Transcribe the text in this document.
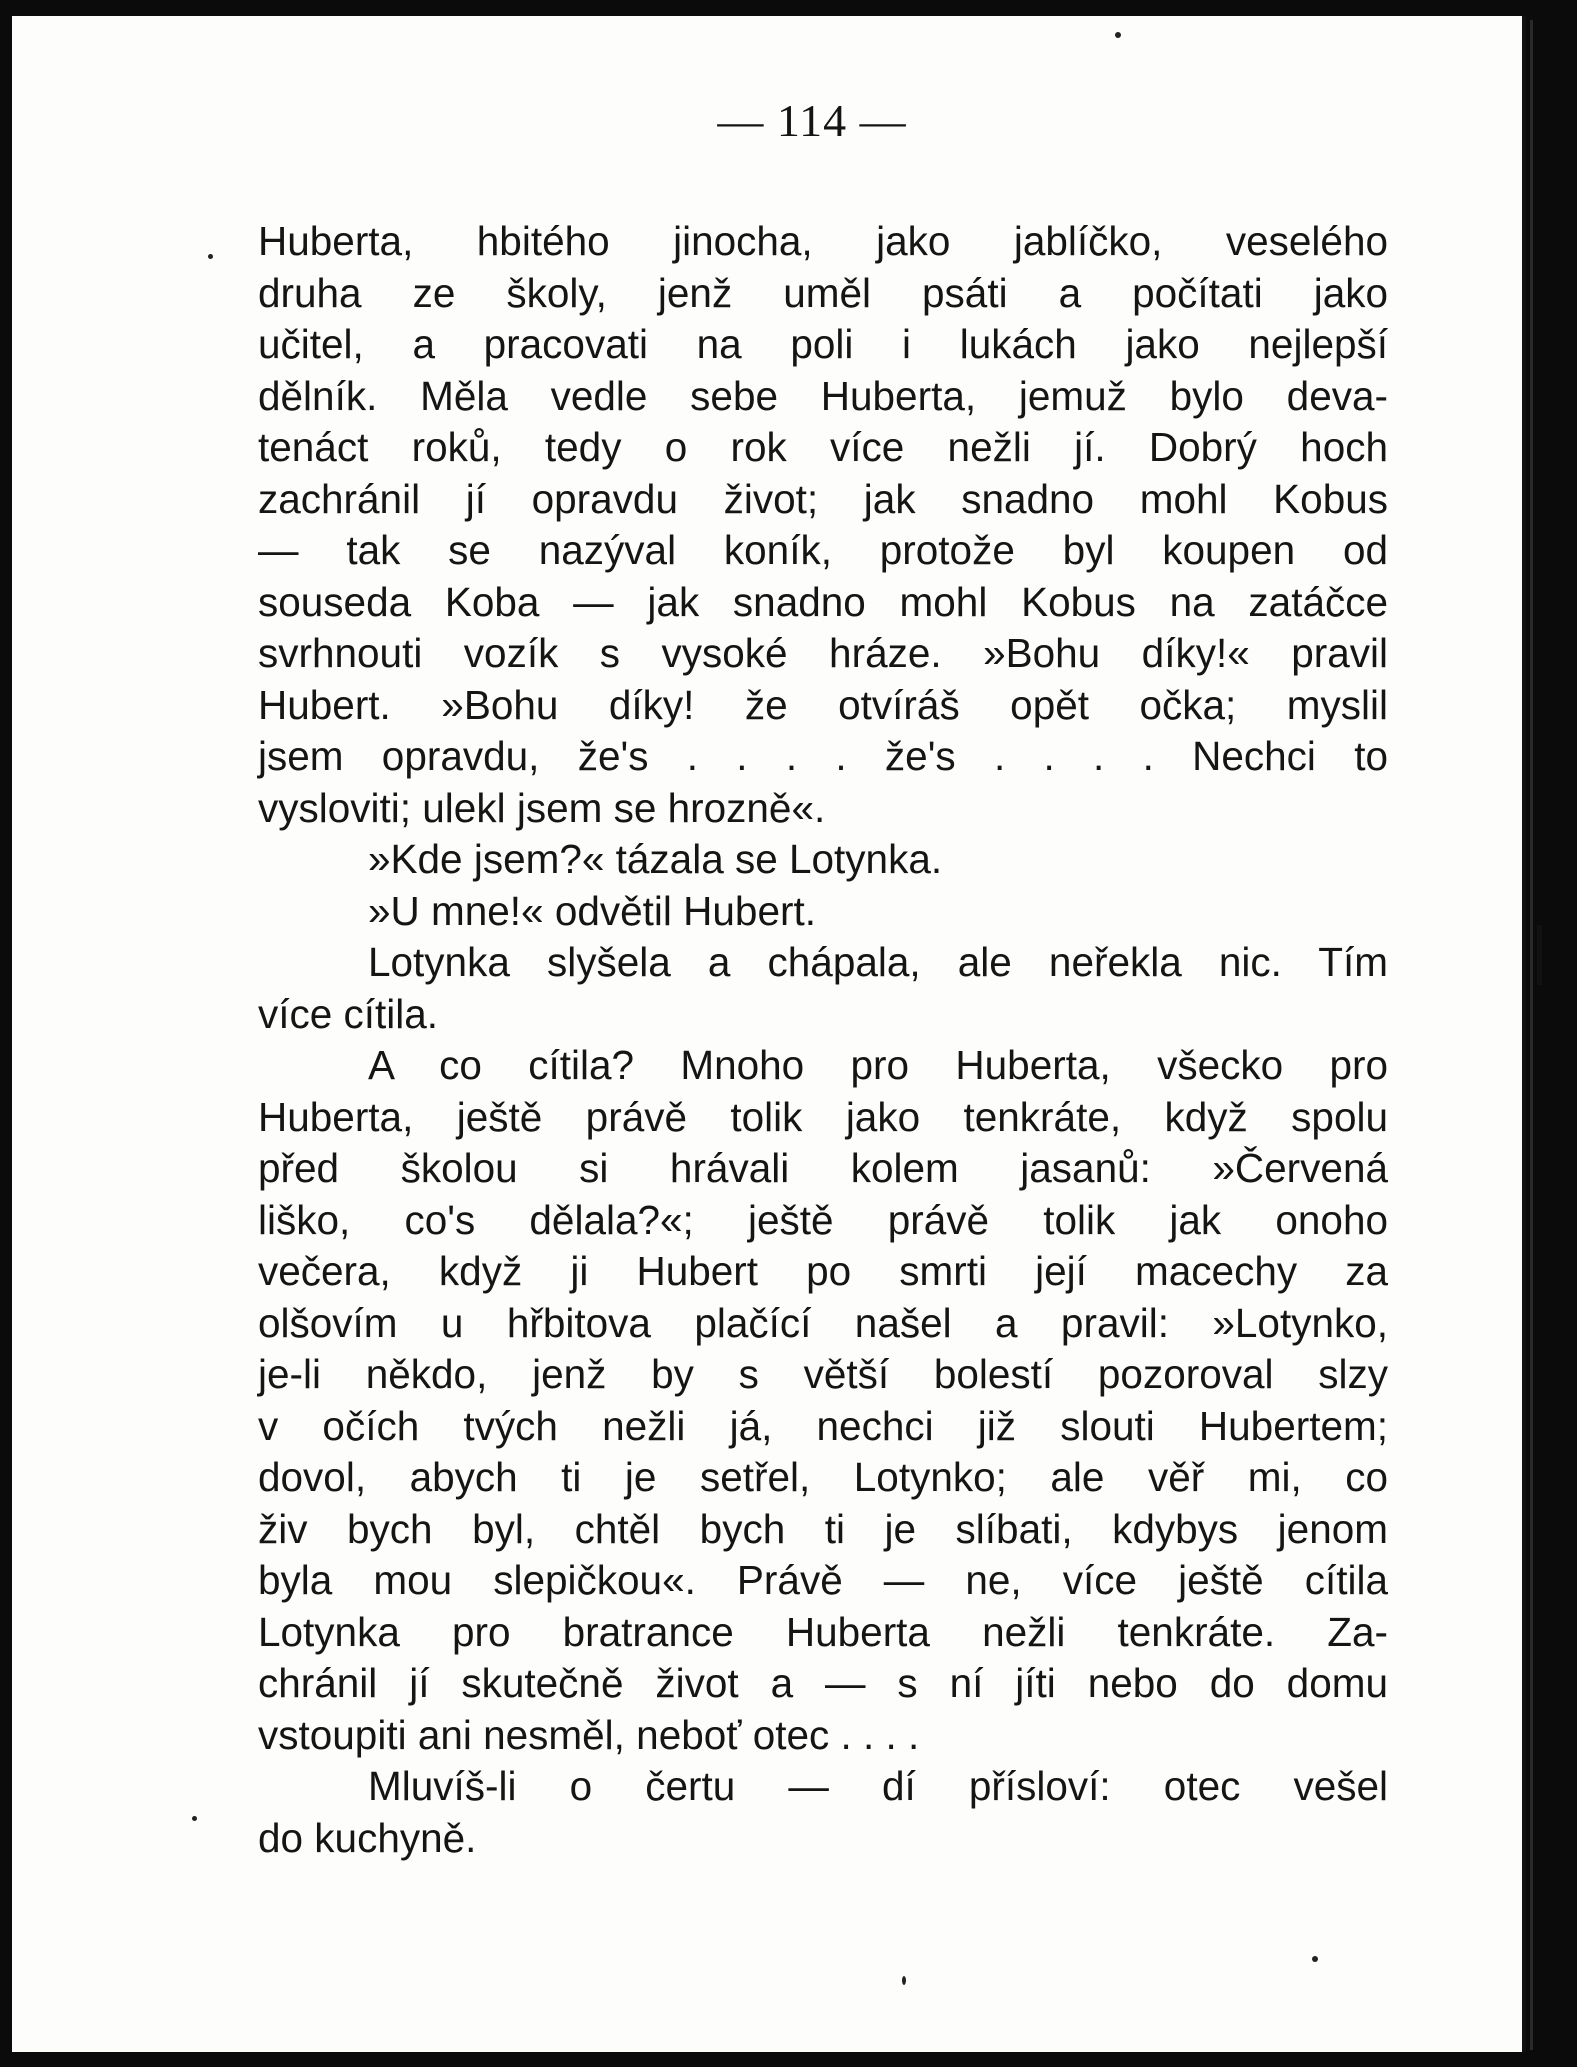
— 114 —
Huberta, hbitého jinocha, jako jablíčko, veselého
druha ze školy, jenž uměl psáti a počítati jako
učitel, a pracovati na poli i lukách jako nejlepší
dělník. Měla vedle sebe Huberta, jemuž bylo deva-
tenáct roků, tedy o rok více nežli jí. Dobrý hoch
zachránil jí opravdu život; jak snadno mohl Kobus
— tak se nazýval koník, protože byl koupen od
souseda Koba — jak snadno mohl Kobus na zatáčce
svrhnouti vozík s vysoké hráze. »Bohu díky!« pravil
Hubert. »Bohu díky! že otvíráš opět očka; myslil
jsem opravdu, že's . . . . že's . . . . Nechci to
vysloviti; ulekl jsem se hrozně«.
»Kde jsem?« tázala se Lotynka.
»U mne!« odvětil Hubert.
Lotynka slyšela a chápala, ale neřekla nic. Tím
více cítila.
A co cítila? Mnoho pro Huberta, všecko pro
Huberta, ještě právě tolik jako tenkráte, když spolu
před školou si hrávali kolem jasanů: »Červená
liško, co's dělala?«; ještě právě tolik jak onoho
večera, když ji Hubert po smrti její macechy za
olšovím u hřbitova plačící našel a pravil: »Lotynko,
je-li někdo, jenž by s větší bolestí pozoroval slzy
v očích tvých nežli já, nechci již slouti Hubertem;
dovol, abych ti je setřel, Lotynko; ale věř mi, co
živ bych byl, chtěl bych ti je slíbati, kdybys jenom
byla mou slepičkou«. Právě — ne, více ještě cítila
Lotynka pro bratrance Huberta nežli tenkráte. Za-
chránil jí skutečně život a — s ní jíti nebo do domu
vstoupiti ani nesměl, neboť otec . . . .
Mluvíš-li o čertu — dí přísloví: otec vešel
do kuchyně.
